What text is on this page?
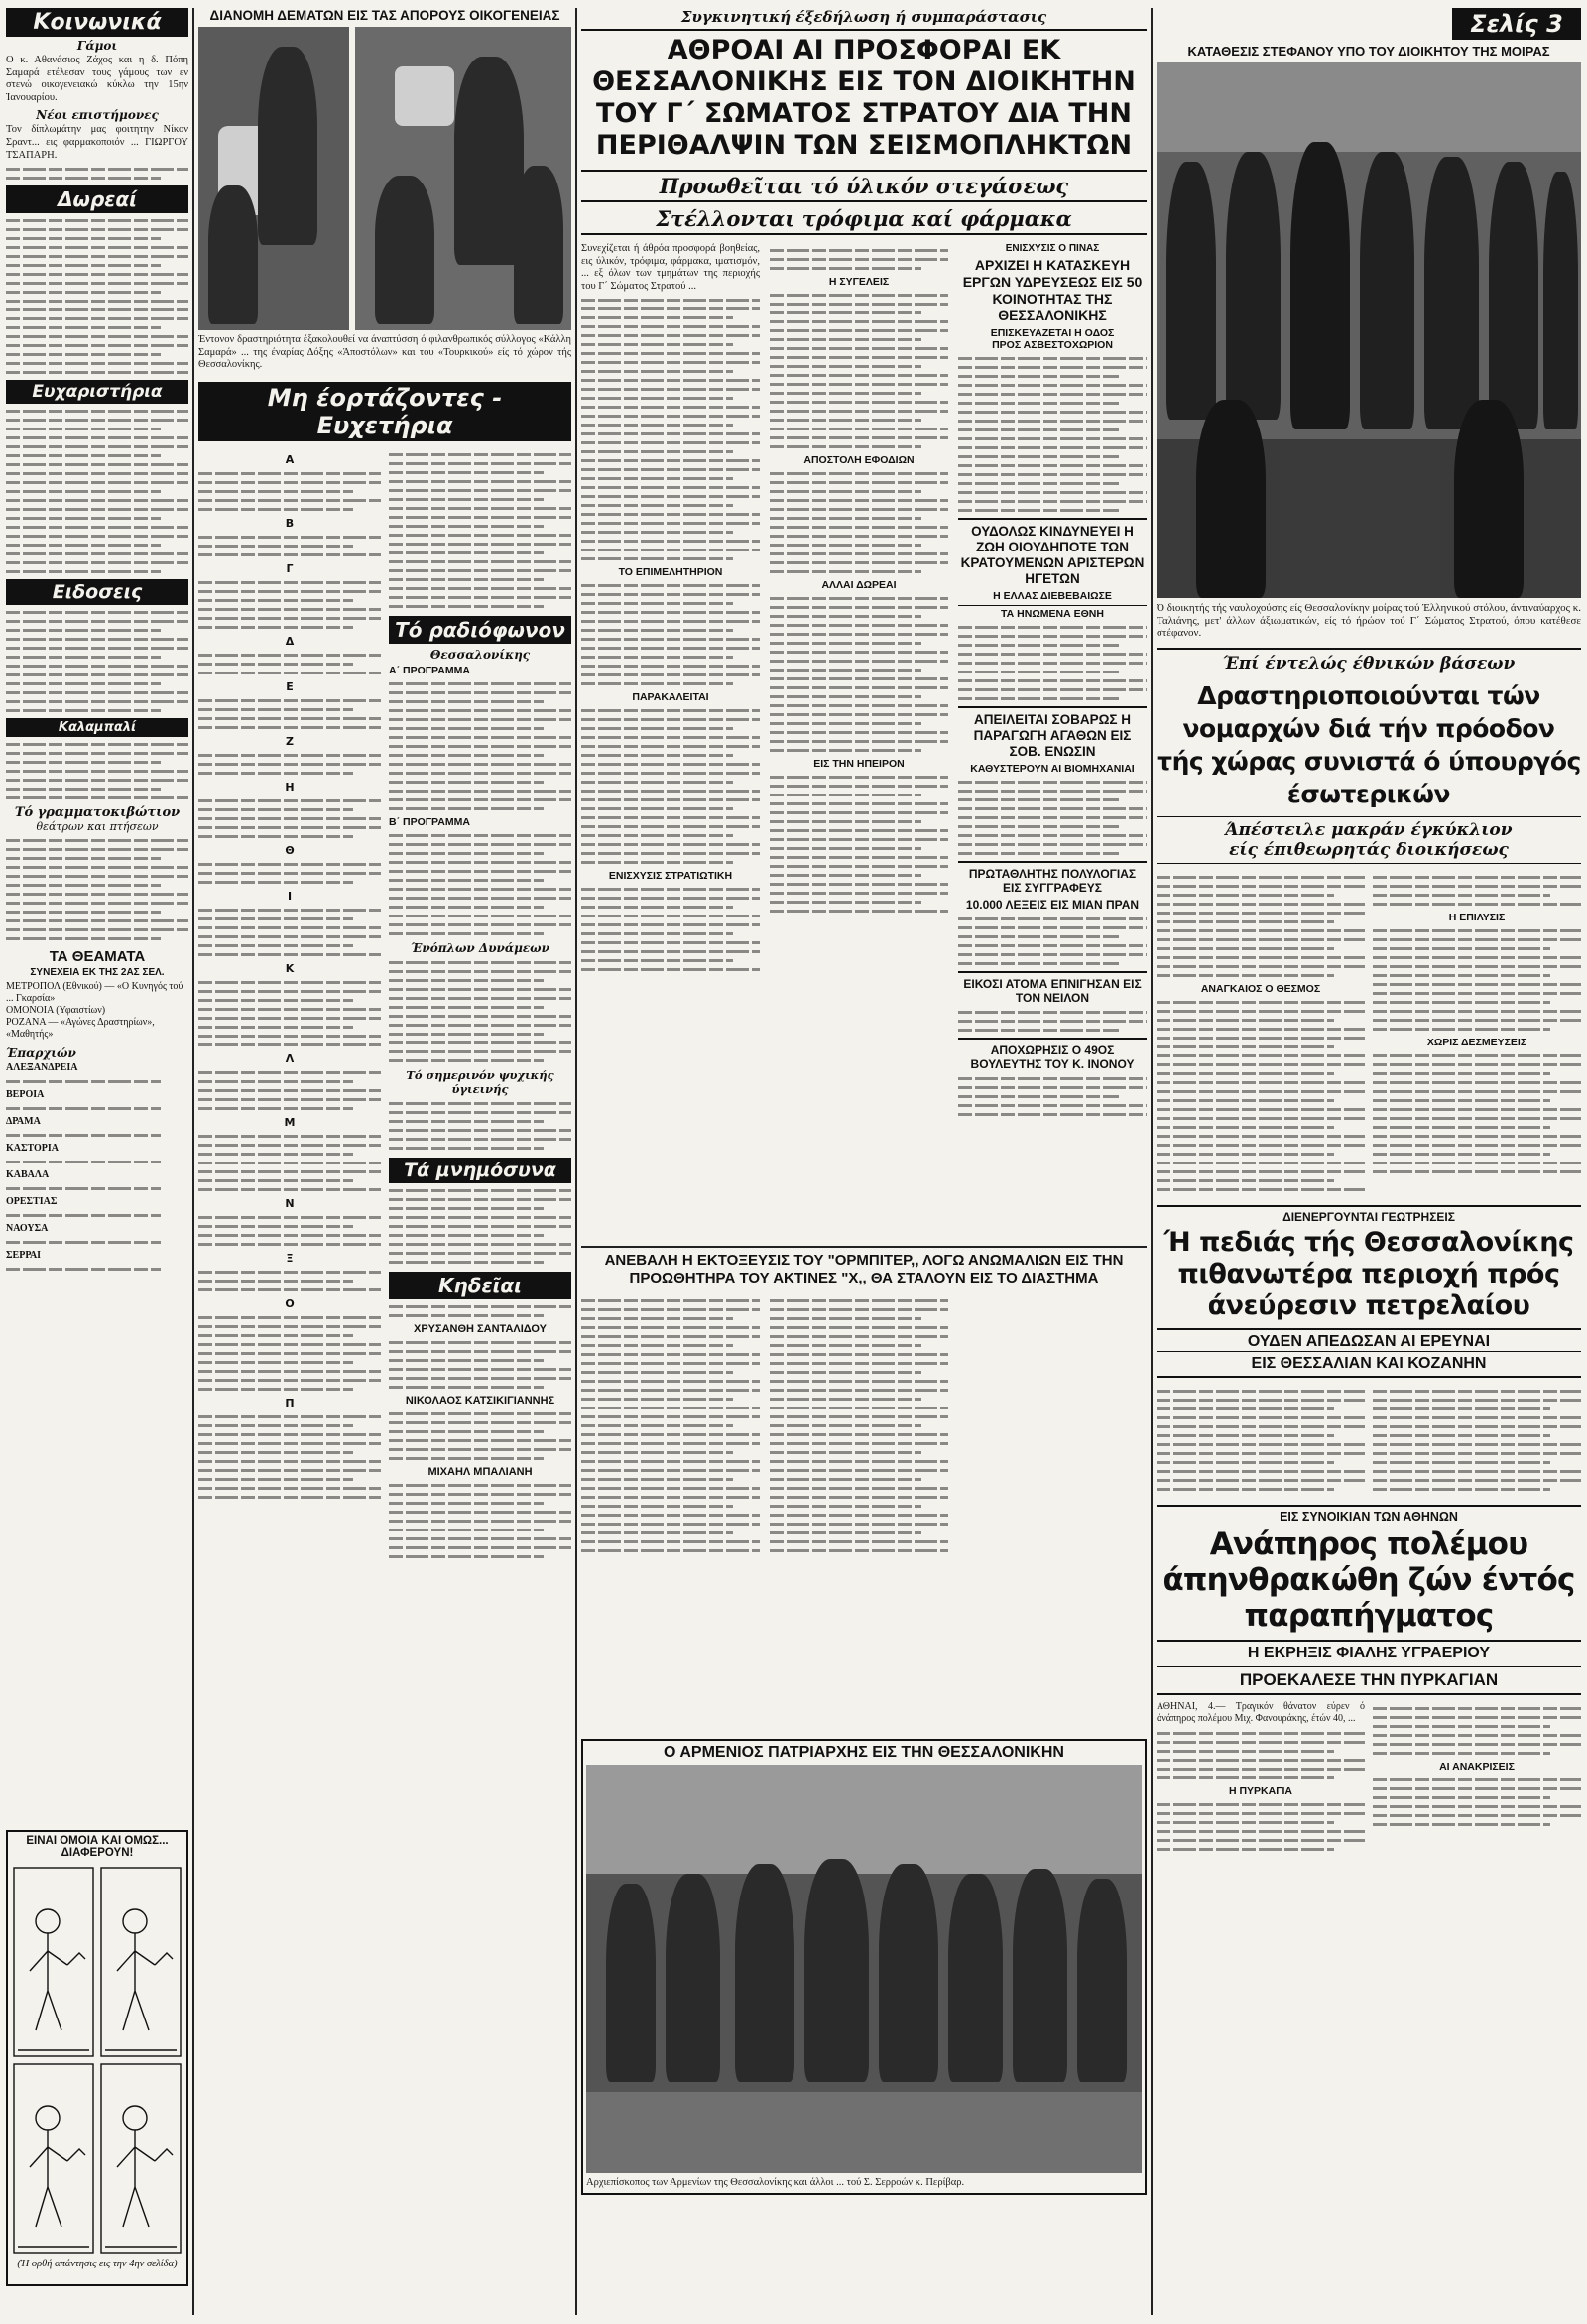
Κοινωνικά
Γάμοι
Ο κ. Αθανάσιος Ζάχος και η δ. Πόπη Σαμαρά ετέλεσαν τους γάμους των εν στενώ οικογενειακώ κύκλω την 15ην Ίανουαρίου.
Νέοι επιστήμονες
Τον δίπλωμάτην μας φοιτητην Νίκον Σραντ... εις φαρμακοποιόν ... ΓΙΩΡΓΟΥ ΤΣΑΠΑΡΗ.
Δωρεαί
Ευχαριστήρια
Ειδοσεις
Καλαμπαλί
Τό γραμματοκιβώτιον
θεάτρων και πτήσεων
ΤΑ ΘΕΑΜΑΤΑ
ΣΥΝΕΧΕΙΑ ΕΚ ΤΗΣ 2ΑΣ ΣΕΛ.
ΜΕΤΡΟΠΟΛ (Εθνικού) — «Ο Κυνηγός τού ... Γκαρσία»
ΟΜΟΝΟΙΑ (Υφαιστίων)
ΡΟΖΑΝΑ — «Αγώνες Δραστηρίων», «Μαθητής»
Έπαρχιών
ΑΛΕΞΑΝΔΡΕΙΑ
ΒΕΡΟΙΑ
ΔΡΑΜΑ
ΚΑΣΤΟΡΙΑ
ΚΑΒΑΛΑ
ΟΡΕΣΤΙΑΣ
ΝΑΟΥΣΑ
ΣΕΡΡΑΙ
ΕΙΝΑΙ ΟΜΟΙΑ ΚΑΙ ΟΜΩΣ... ΔΙΑΦΕΡΟΥΝ!
(Ή ορθή απάντησις εις την 4ην σελίδα)
ΔΙΑΝΟΜΗ ΔΕΜΑΤΩΝ ΕΙΣ ΤΑΣ ΑΠΟΡΟΥΣ ΟΙΚΟΓΕΝΕΙΑΣ
Έντονον δραστηριότητα έξακολουθεί να άναπτύσση ό φιλανθρωπικός σύλλογος «Κάλλη Σαμαρά» ... της έναρίας Δόξης «Άποστόλων» και του «Τουρκικού» είς τό χώρον τής Θεσσαλονίκης.
Μη έορτάζοντες - Ευχετήρια
Α
Β
Γ
Δ
Ε
Ζ
Η
Θ
Ι
Κ
Λ
Μ
Ν
Ξ
Ο
Π
Τό ραδιόφωνον
Θεσσαλονίκης
Α΄ ΠΡΟΓΡΑΜΜΑ
Β΄ ΠΡΟΓΡΑΜΜΑ
Ένόπλων Δυνάμεων
Τό σημερινόν ψυχικής ύγιεινής
Τά μνημόσυνα
Κηδεῖαι
ΧΡΥΣΑΝΘΗ ΣΑΝΤΑΛΙΔΟΥ
ΝΙΚΟΛΑΟΣ ΚΑΤΣΙΚΙΓΙΑΝΝΗΣ
ΜΙΧΑΗΛ ΜΠΑΛΙΑΝΗ
Συγκινητική έξεδήλωση ή συμπαράστασις
ΑΘΡΟΑΙ ΑΙ ΠΡΟΣΦΟΡΑΙ ΕΚ ΘΕΣΣΑΛΟΝΙΚΗΣ ΕΙΣ ΤΟΝ ΔΙΟΙΚΗΤΗΝ ΤΟΥ Γ΄ ΣΩΜΑΤΟΣ ΣΤΡΑΤΟΥ ΔΙΑ ΤΗΝ ΠΕΡΙΘΑΛΨΙΝ ΤΩΝ ΣΕΙΣΜΟΠΛΗΚΤΩΝ
Προωθεῖται τό ύλικόν στεγάσεως
Στέλλονται τρόφιμα καί φάρμακα
Συνεχίζεται ή άθρόα προσφορά βοηθείας, εις ύλικόν, τρόφιμα, φάρμακα, ιματισμόν, ... εξ όλων των τμημάτων της περιοχής του Γ΄ Σώματος Στρατού ...
ΤΟ ΕΠΙΜΕΛΗΤΗΡΙΟΝ
ΠΑΡΑΚΑΛΕΙΤΑΙ
ΕΝΙΣΧΥΣΙΣ ΣΤΡΑΤΙΩΤΙΚΗ
Η ΣΥΓΕΛΕΙΣ
ΑΠΟΣΤΟΛΗ ΕΦΟΔΙΩΝ
ΑΛΛΑΙ ΔΩΡΕΑΙ
ΕΙΣ ΤΗΝ ΗΠΕΙΡΟΝ
ΕΝΙΣΧΥΣΙΣ Ο ΠΙΝΑΣ
ΑΡΧΙΖΕΙ Η ΚΑΤΑΣΚΕΥΗ ΕΡΓΩΝ ΥΔΡΕΥΣΕΩΣ ΕΙΣ 50 ΚΟΙΝΟΤΗΤΑΣ ΤΗΣ ΘΕΣΣΑΛΟΝΙΚΗΣ
ΕΠΙΣΚΕΥΑΖΕΤΑΙ Η ΟΔΟΣ
ΠΡΟΣ ΑΣΒΕΣΤΟΧΩΡΙΟΝ
ΟΥΔΟΛΩΣ ΚΙΝΔΥΝΕΥΕΙ Η ΖΩΗ ΟΙΟΥΔΗΠΟΤΕ ΤΩΝ ΚΡΑΤΟΥΜΕΝΩΝ ΑΡΙΣΤΕΡΩΝ ΗΓΕΤΩΝ
Η ΕΛΛΑΣ ΔΙΕΒΕΒΑΙΩΣΕ
ΤΑ ΗΝΩΜΕΝΑ ΕΘΝΗ
ΑΠΕΙΛΕΙΤΑΙ ΣΟΒΑΡΩΣ Η ΠΑΡΑΓΩΓΗ ΑΓΑΘΩΝ ΕΙΣ ΣΟΒ. ΕΝΩΣΙΝ
ΚΑΘΥΣΤΕΡΟΥΝ ΑΙ ΒΙΟΜΗΧΑΝΙΑΙ
ΠΡΩΤΑΘΛΗΤΗΣ ΠΟΛΥΛΟΓΙΑΣ ΕΙΣ ΣΥΓΓΡΑΦΕΥΣ
10.000 ΛΕΞΕΙΣ ΕΙΣ ΜΙΑΝ ΠΡΑΝ
ΕΙΚΟΣΙ ΑΤΟΜΑ ΕΠΝΙΓΗΣΑΝ ΕΙΣ ΤΟΝ ΝΕΙΛΟΝ
ΑΠΟΧΩΡΗΣΙΣ Ο 49ΟΣ ΒΟΥΛΕΥΤΗΣ ΤΟΥ Κ. ΙΝΟΝΟΥ
ΑΝΕΒΑΛΗ Η ΕΚΤΟΞΕΥΣΙΣ ΤΟΥ "ΟΡΜΠΙΤΕΡ,, ΛΟΓΩ ΑΝΩΜΑΛΙΩΝ ΕΙΣ ΤΗΝ ΠΡΟΩΘΗΤΗΡΑ ΤΟΥ ΑΚΤΙΝΕΣ "Χ,, ΘΑ ΣΤΑΛΟΥΝ ΕΙΣ ΤΟ ΔΙΑΣΤΗΜΑ
Ο ΑΡΜΕΝΙΟΣ ΠΑΤΡΙΑΡΧΗΣ ΕΙΣ ΤΗΝ ΘΕΣΣΑΛΟΝΙΚΗΝ
Αρχιεπίσκοπος των Αρμενίων της Θεσσαλονίκης και άλλοι ... τού Σ. Σερροών κ. Περίβαρ.
Σελίς 3
ΚΑΤΑΘΕΣΙΣ ΣΤΕΦΑΝΟΥ ΥΠΟ ΤΟΥ ΔΙΟΙΚΗΤΟΥ ΤΗΣ ΜΟΙΡΑΣ
Ό διοικητής τής ναυλοχούσης είς Θεσσαλονίκην μοίρας τού Έλληνικού στόλου, άντιναύαρχος κ. Ταλιάνης, μετ' άλλων άξιωματικών, είς τό ήρώον τού Γ΄ Σώματος Στρατού, όπου κατέθεσε στέφανον.
Έπί έντελώς έθνικών βάσεων
Δραστηριοποιούνται τών νομαρχών διά τήν πρόοδον τής χώρας συνιστά ό ύπουργός έσωτερικών
Άπέστειλε μακράν έγκύκλιον
είς έπιθεωρητάς διοικήσεως
ΑΝΑΓΚΑΙΟΣ Ο ΘΕΣΜΟΣ
Η ΕΠΙΛΥΣΙΣ
ΧΩΡΙΣ ΔΕΣΜΕΥΣΕΙΣ
ΔΙΕΝΕΡΓΟΥΝΤΑΙ ΓΕΩΤΡΗΣΕΙΣ
Ή πεδιάς τής Θεσσαλονίκης πιθανωτέρα περιοχή πρός άνεύρεσιν πετρελαίου
ΟΥΔΕΝ ΑΠΕΔΩΣΑΝ ΑΙ ΕΡΕΥΝΑΙ
ΕΙΣ ΘΕΣΣΑΛΙΑΝ ΚΑΙ ΚΟΖΑΝΗΝ
ΕΙΣ ΣΥΝΟΙΚΙΑΝ ΤΩΝ ΑΘΗΝΩΝ
Ανάπηρος πολέμου άπηνθρακώθη ζών έντός παραπήγματος
Η ΕΚΡΗΞΙΣ ΦΙΑΛΗΣ ΥΓΡΑΕΡΙΟΥ
ΠΡΟΕΚΑΛΕΣΕ ΤΗΝ ΠΥΡΚΑΓΙΑΝ
ΑΘΗΝΑΙ, 4.— Τραγικόν θάνατον εύρεν ό άνάπηρος πολέμου Μιχ. Φανουράκης, έτών 40, ...
Η ΠΥΡΚΑΓΙΑ
ΑΙ ΑΝΑΚΡΙΣΕΙΣ
